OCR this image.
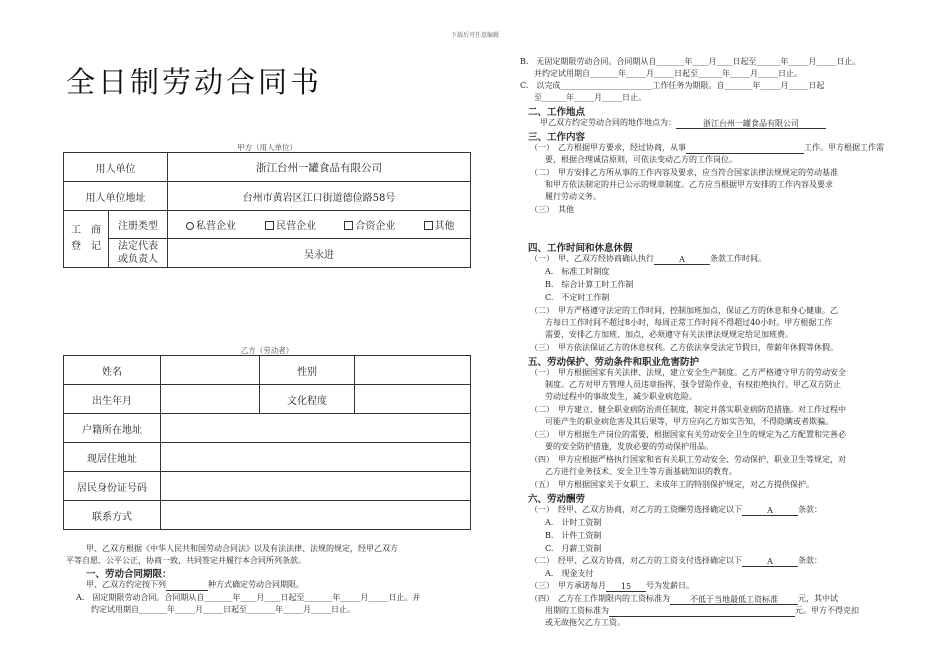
下载后可任意编辑
全日制劳动合同书
甲方（用人单位）
用人单位		浙江台州一罐食品有限公司
用人单位地址		台州市黄岩区江口街道德俭路58号

工　商
登　记	注册类型	私营企业 民营企业 合资企业 其他

	法定代表
或负责人	吴永进
乙方（劳动者）
姓名		性别	
出生年月		文化程度	
户籍所在地址			
现居住地址			
居民身份证号码			
联系方式			
甲、乙双方根据《中华人民共和国劳动合同法》以及有法法律、法规的规定，经甲乙双方
平等自愿、公平公正，协商一致，共同签定并履行本合同所列条款。
一、劳动合同期限：
甲、乙双方约定按下列	种方式确定劳动合同期限。
A.　固定期限劳动合同。合同期从自_______年____月____日起至_______年_____月_____日止。并
约定试用期自_______年_____月_____日起至_______年_____月_____日止。
B.　无固定期限劳动合同。合同期从自_______年____月____日起至______年_____月_____日止。
并约定试用期自_______年_____月_____日起至______年_____月_____日止。
C.　以完成_______________________工作任务为期限。自_______年_____月_____日起
至______年_____月_____日止。
二、工作地点
甲乙双方约定劳动合同的地作地点为：	浙江台州一罐食品有限公司
三、工作内容
（一）　乙方根据甲方要求，经过协商，从事	工作。甲方根据工作需
要，根据合理诚信原则，可依法变动乙方的工作岗位。
（二）　甲方安排乙方所从事的工作内容及要求，应当符合国家法律法规规定的劳动基准
和甲方依法制定的并已公示的规章制度。乙方应当根据甲方安排的工作内容及要求
履行劳动义务。
（三）　其他
四、工作时间和休息休假
（一）　甲、乙双方经协商确认执行	A	条款工作时间。
A.　标准工时制度
B.　综合计算工时工作制
C.　不定时工作制
（二）　甲方严格遵守法定的工作时间，控制加班加点，保证乙方的休息和身心健康。乙
方每日工作时间不超过8小时，每周正常工作时间不得超过40小时。甲方根据工作
需要，安排乙方加班、加点，必须遵守有关法律法规规定给足加班费。
（三）　甲方依法保证乙方的休息权利。乙方依法享受法定节假日，带薪年休假等休假。
五、劳动保护、劳动条件和职业危害防护
（一）　甲方根据国家有关法律、法规，建立安全生产制度。乙方严格遵守甲方的劳动安全
制度。乙方对甲方管理人员违章指挥，强令冒险作业，有权拒绝执行。甲乙双方防止
劳动过程中的事故发生，减少职业病危险。
（二）　甲方建立、健全职业病防治责任制度，制定并落实职业病防范措施。对工作过程中
可能产生的职业病危害及其后果等，甲方应向乙方如实告知，不得隐瞒或者欺骗。
（三）　甲方根据生产岗位的需要，根据国家有关劳动安全卫生的规定为乙方配置和完善必
要的安全防护措施，发放必要的劳动保护用品。
（四）　甲方应根据严格执行国家和省有关职工劳动安全、劳动保护、职业卫生等规定，对
乙方进行业务技术、安全卫生等方面基础知识的教育。
（五）　甲方根据国家关于女职工、未成年工的特别保护规定，对乙方提供保护。
六、劳动酬劳
（一）　经甲、乙双方协商，对乙方的工资酬劳选择确定以下	A	条款：
A.　计时工资制
B.　计件工资制
C.　月薪工资制
（二）　经甲、乙双方协商，对乙方的工资支付选择确定以下	A	条款：
A.　现金支付
（三）　甲方承诺每月 15 号为发薪日。
（四）　乙方在工作期限内的工资标准为	不低于当地最低工资标准	元，其中试
用期的工资标准为	元。甲方不得克扣
或无故拖欠乙方工资。
